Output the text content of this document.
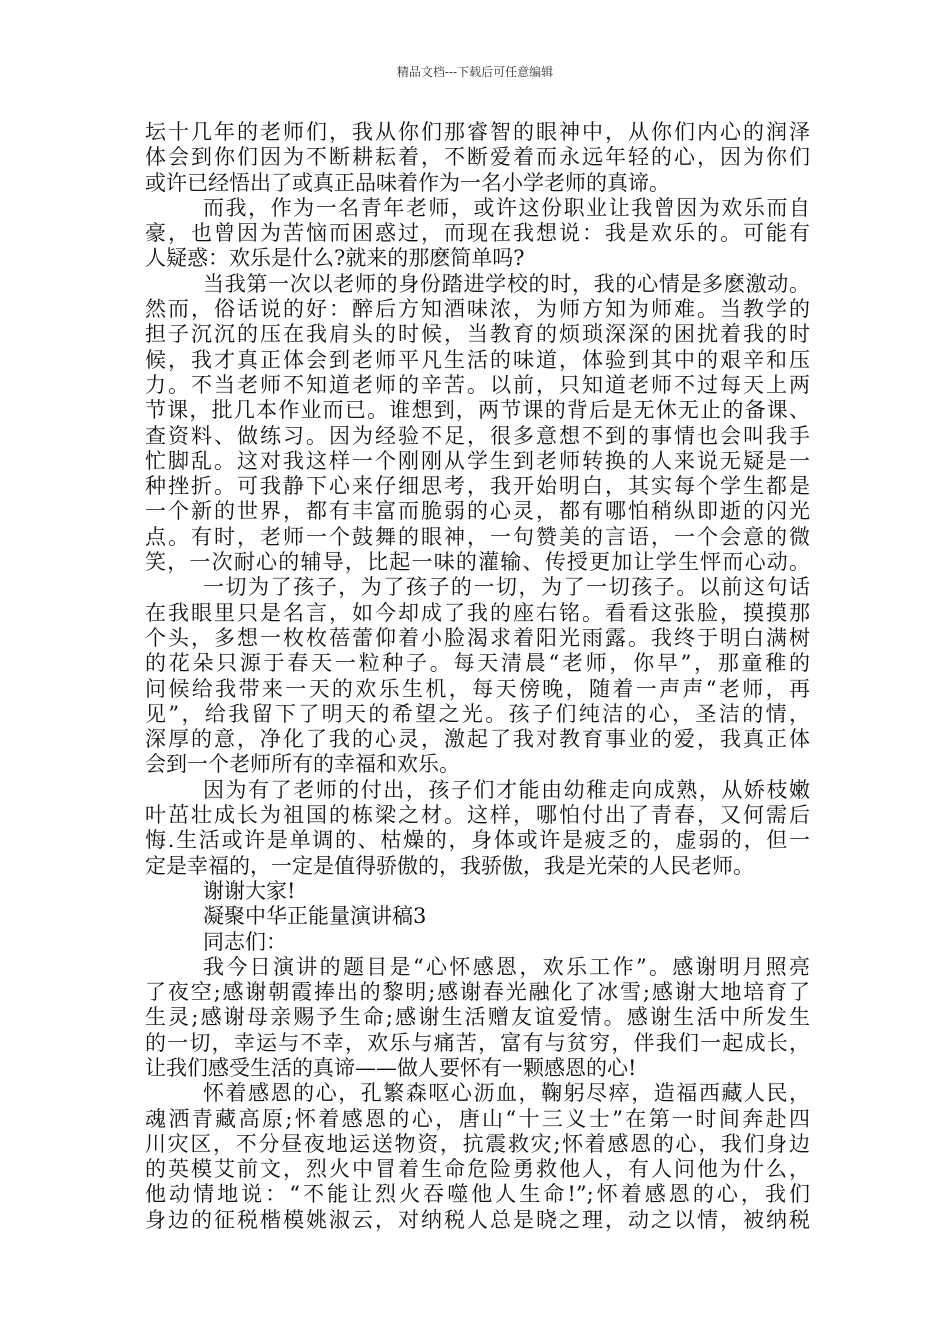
精品文档---下载后可任意编辑
坛十几年的老师们，我从你们那睿智的眼神中，从你们内心的润泽
体会到你们因为不断耕耘着，不断爱着而永远年轻的心，因为你们
或许已经悟出了或真正品味着作为一名小学老师的真谛。
而我，作为一名青年老师，或许这份职业让我曾因为欢乐而自
豪，也曾因为苦恼而困惑过，而现在我想说：我是欢乐的。可能有
人疑惑：欢乐是什么?就来的那麽简单吗?
当我第一次以老师的身份踏进学校的时，我的心情是多麽激动。
然而，俗话说的好：醉后方知酒味浓，为师方知为师难。当教学的
担子沉沉的压在我肩头的时候，当教育的烦琐深深的困扰着我的时
候，我才真正体会到老师平凡生活的味道，体验到其中的艰辛和压
力。不当老师不知道老师的辛苦。以前，只知道老师不过每天上两
节课，批几本作业而已。谁想到，两节课的背后是无休无止的备课、
查资料、做练习。因为经验不足，很多意想不到的事情也会叫我手
忙脚乱。这对我这样一个刚刚从学生到老师转换的人来说无疑是一
种挫折。可我静下心来仔细思考，我开始明白，其实每个学生都是
一个新的世界，都有丰富而脆弱的心灵，都有哪怕稍纵即逝的闪光
点。有时，老师一个鼓舞的眼神，一句赞美的言语，一个会意的微
笑，一次耐心的辅导，比起一味的灌输、传授更加让学生怦而心动。
一切为了孩子，为了孩子的一切，为了一切孩子。以前这句话
在我眼里只是名言，如今却成了我的座右铭。看看这张脸，摸摸那
个头，多想一枚枚蓓蕾仰着小脸渴求着阳光雨露。我终于明白满树
的花朵只源于春天一粒种子。每天清晨“老师，你早”，那童稚的
问候给我带来一天的欢乐生机，每天傍晚，随着一声声“老师，再
见”，给我留下了明天的希望之光。孩子们纯洁的心，圣洁的情，
深厚的意，净化了我的心灵，激起了我对教育事业的爱，我真正体
会到一个老师所有的幸福和欢乐。
因为有了老师的付出，孩子们才能由幼稚走向成熟，从娇枝嫩
叶茁壮成长为祖国的栋梁之材。这样，哪怕付出了青春，又何需后
悔.生活或许是单调的、枯燥的，身体或许是疲乏的，虚弱的，但一
定是幸福的，一定是值得骄傲的，我骄傲，我是光荣的人民老师。
谢谢大家!
凝聚中华正能量演讲稿3
同志们：
我今日演讲的题目是“心怀感恩，欢乐工作”。感谢明月照亮
了夜空;感谢朝霞捧出的黎明;感谢春光融化了冰雪;感谢大地培育了
生灵;感谢母亲赐予生命;感谢生活赠友谊爱情。感谢生活中所发生
的一切，幸运与不幸，欢乐与痛苦，富有与贫穷，伴我们一起成长，
让我们感受生活的真谛——做人要怀有一颗感恩的心!
怀着感恩的心，孔繁森呕心沥血，鞠躬尽瘁，造福西藏人民，
魂洒青藏高原;怀着感恩的心，唐山“十三义士”在第一时间奔赴四
川灾区，不分昼夜地运送物资，抗震救灾;怀着感恩的心，我们身边
的英模艾前文，烈火中冒着生命危险勇救他人，有人问他为什么，
他动情地说：“不能让烈火吞噬他人生命!”;怀着感恩的心，我们
身边的征税楷模姚淑云，对纳税人总是晓之理，动之以情，被纳税
